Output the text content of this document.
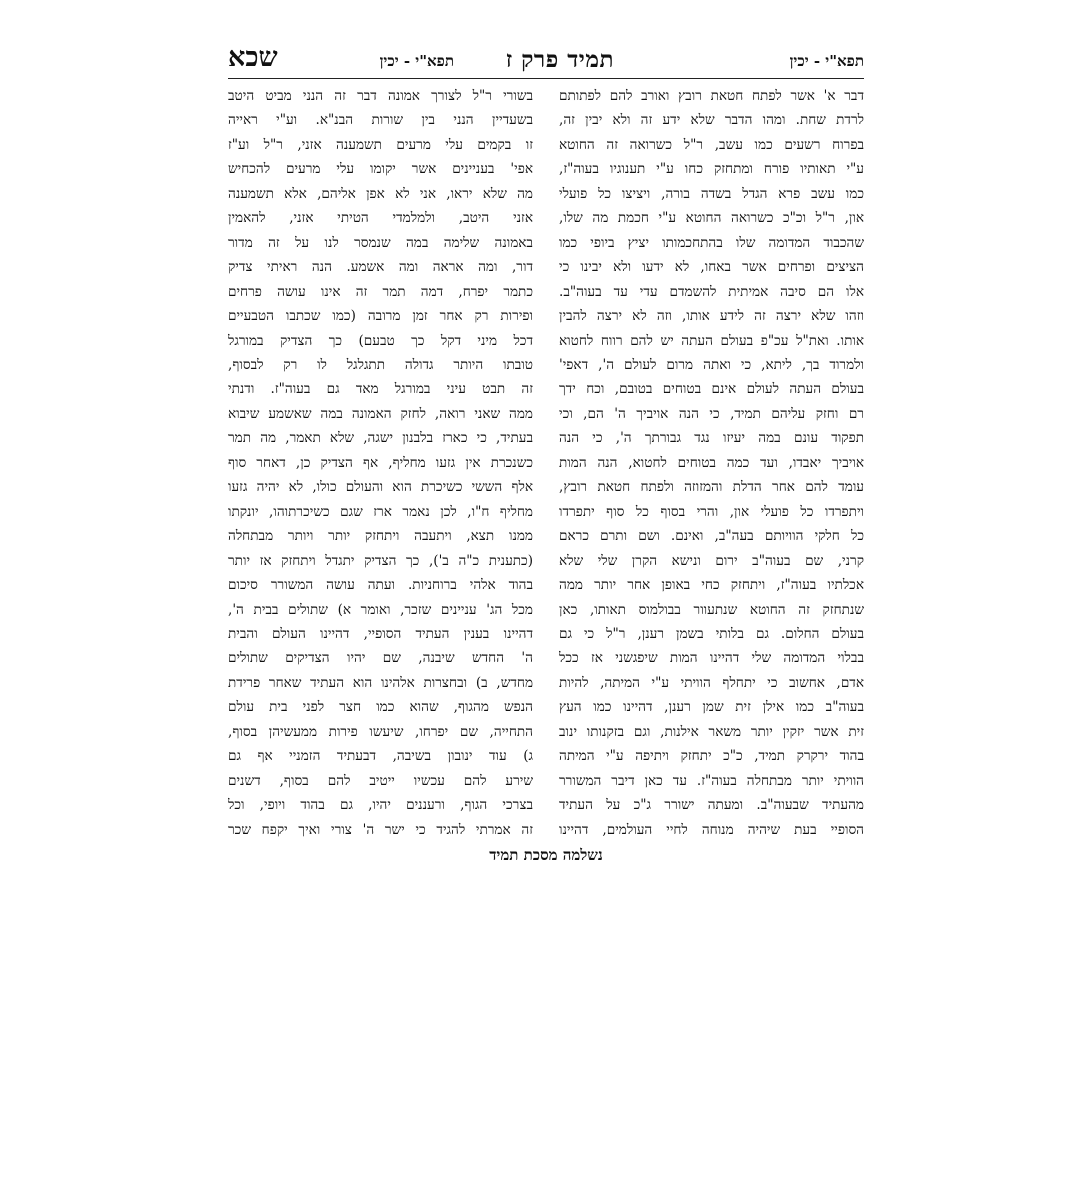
תפא"י - יכין
תמיד פרק ז
תפא"י - יכין
שכא

דבר א' אשר לפתח חטאת רובץ ואורב להם לפתותם

לרדת שחת. ומהו הדבר שלא ידע זה ולא יבין זה,

בפרוח רשעים כמו עשב, ר"ל כשרואה זה החוטא

ע"י תאותיו פורח ומתחזק כחו ע"י תענוגיו בעוה"ז,

כמו עשב פרא הגדל בשדה בורה, ויציצו כל פועלי

און, ר"ל וכ"כ כשרואה החוטא ע"י חכמת מה שלו,

שהכבוד המדומה שלו בהתחכמותו יציץ ביופי כמו

הציצים ופרחים אשר באחו, לא ידעו ולא יבינו כי

אלו הם סיבה אמיתית להשמדם עדי עד בעוה"ב.

וזהו שלא ירצה זה לידע אותו, וזה לא ירצה להבין

אותו. ואת"ל עכ"פ בעולם העתה יש להם רווח לחטוא

ולמרוד בך, ליתא, כי ואתה מרום לעולם ה', דאפי'

בעולם העתה לעולם אינם בטוחים בטובם, וכח ידך

רם וחזק עליהם תמיד, כי הנה אויביך ה' הם, וכי

תפקוד עונם במה יעיזו נגד גבורתך ה', כי הנה

אויביך יאבדו, ועד כמה בטוחים לחטוא, הנה המות

עומד להם אחר הדלת והמזוזה ולפתח חטאת רובץ,

ויתפרדו כל פועלי און, והרי בסוף כל סוף יתפרדו

כל חלקי הוויותם בעה"ב, ואינם. ושם ותרם כראם

קרני, שם בעוה"ב ירום ונישא הקרן שלי שלא

אכלתיו בעוה"ז, ויתחזק כחי באופן אחר יותר ממה

שנתחזק זה החוטא שנתעוור בבולמוס תאותו, כאן

בעולם החלום. גם בלותי בשמן רענן, ר"ל כי גם

בבלוי המדומה שלי דהיינו המות שיפגשני אז ככל

אדם, אחשוב כי יתחלף הוויתי ע"י המיתה, להיות

בעוה"ב כמו אילן זית שמן רענן, דהיינו כמו העץ

זית אשר יזקין יותר משאר אילנות, וגם בזקנותו ינוב

בהוד ירקרק תמיד, כ"כ יתחזק ויתיפה ע"י המיתה

הוויתי יותר מבתחלה בעוה"ז. עד כאן דיבר המשורר

מהעתיד שבעוה"ב. ומעתה ישורר ג"כ על העתיד

הסופיי בעת שיהיה מנוחה לחיי העולמים, דהיינו

בשורי ר"ל לצורך אמונה דבר זה הנני מביט היטב

בשעדיין הנני בין שורות הבנ"א. וע"י ראייה

זו בקמים עלי מרעים תשמענה אזני, ר"ל וע"ז

אפי' בעניינים אשר יקומו עלי מרעים להכחיש

מה שלא יראו, אני לא אפן אליהם, אלא תשמענה

אזני היטב, ולמלמדי הטיתי אזני, להאמין

באמונה שלימה במה שנמסר לנו על זה מדור

דור, ומה אראה ומה אשמע. הנה ראיתי צדיק

כתמר יפרח, דמה תמר זה אינו עושה פרחים

ופירות רק אחר זמן מרובה (כמו שכתבו הטבעיים

דכל מיני דקל כך טבעם) כך הצדיק במורגל

טובתו היותר גדולה תתגלגל לו רק לבסוף,

זה תבט עיני במורגל מאד גם בעוה"ז. ודנתי

ממה שאני רואה, לחזק האמונה במה שאשמע שיבוא

בעתיד, כי כארז בלבנון ישגה, שלא תאמר, מה תמר

כשנכרת אין גזעו מחליף, אף הצדיק כן, דאחר סוף

אלף הששי כשיכרת הוא והעולם כולו, לא יהיה גזעו

מחליף ח"ו, לכן נאמר ארז שגם כשיכרתוהו, יונקתו

ממנו תצא, ויתעבה ויתחזק יותר ויותר מבתחלה

(כתענית כ"ה ב'), כך הצדיק יתגדל ויתחזק אז יותר

בהוד אלהי ברוחניות. ועתה עושה המשורר סיכום

מכל הג' עניינים שזכר, ואומר א) שתולים בבית ה',

דהיינו בענין העתיד הסופיי, דהיינו העולם והבית

ה' החדש שיבנה, שם יהיו הצדיקים שתולים

מחדש, ב) ובחצרות אלהינו הוא העתיד שאחר פרידת

הנפש מהגוף, שהוא כמו חצר לפני בית עולם

התחייה, שם יפרחו, שיעשו פירות ממעשיהן בסוף,

ג) עוד ינובון בשיבה, דבעתיד הזמניי אף גם

שירע להם עכשיו ייטיב להם בסוף, דשנים

בצרכי הגוף, ורעננים יהיו, גם בהוד ויופי, וכל

זה אמרתי להגיד כי ישר ה' צורי ואיך יקפח שכר

נשלמה מסכת תמיד
